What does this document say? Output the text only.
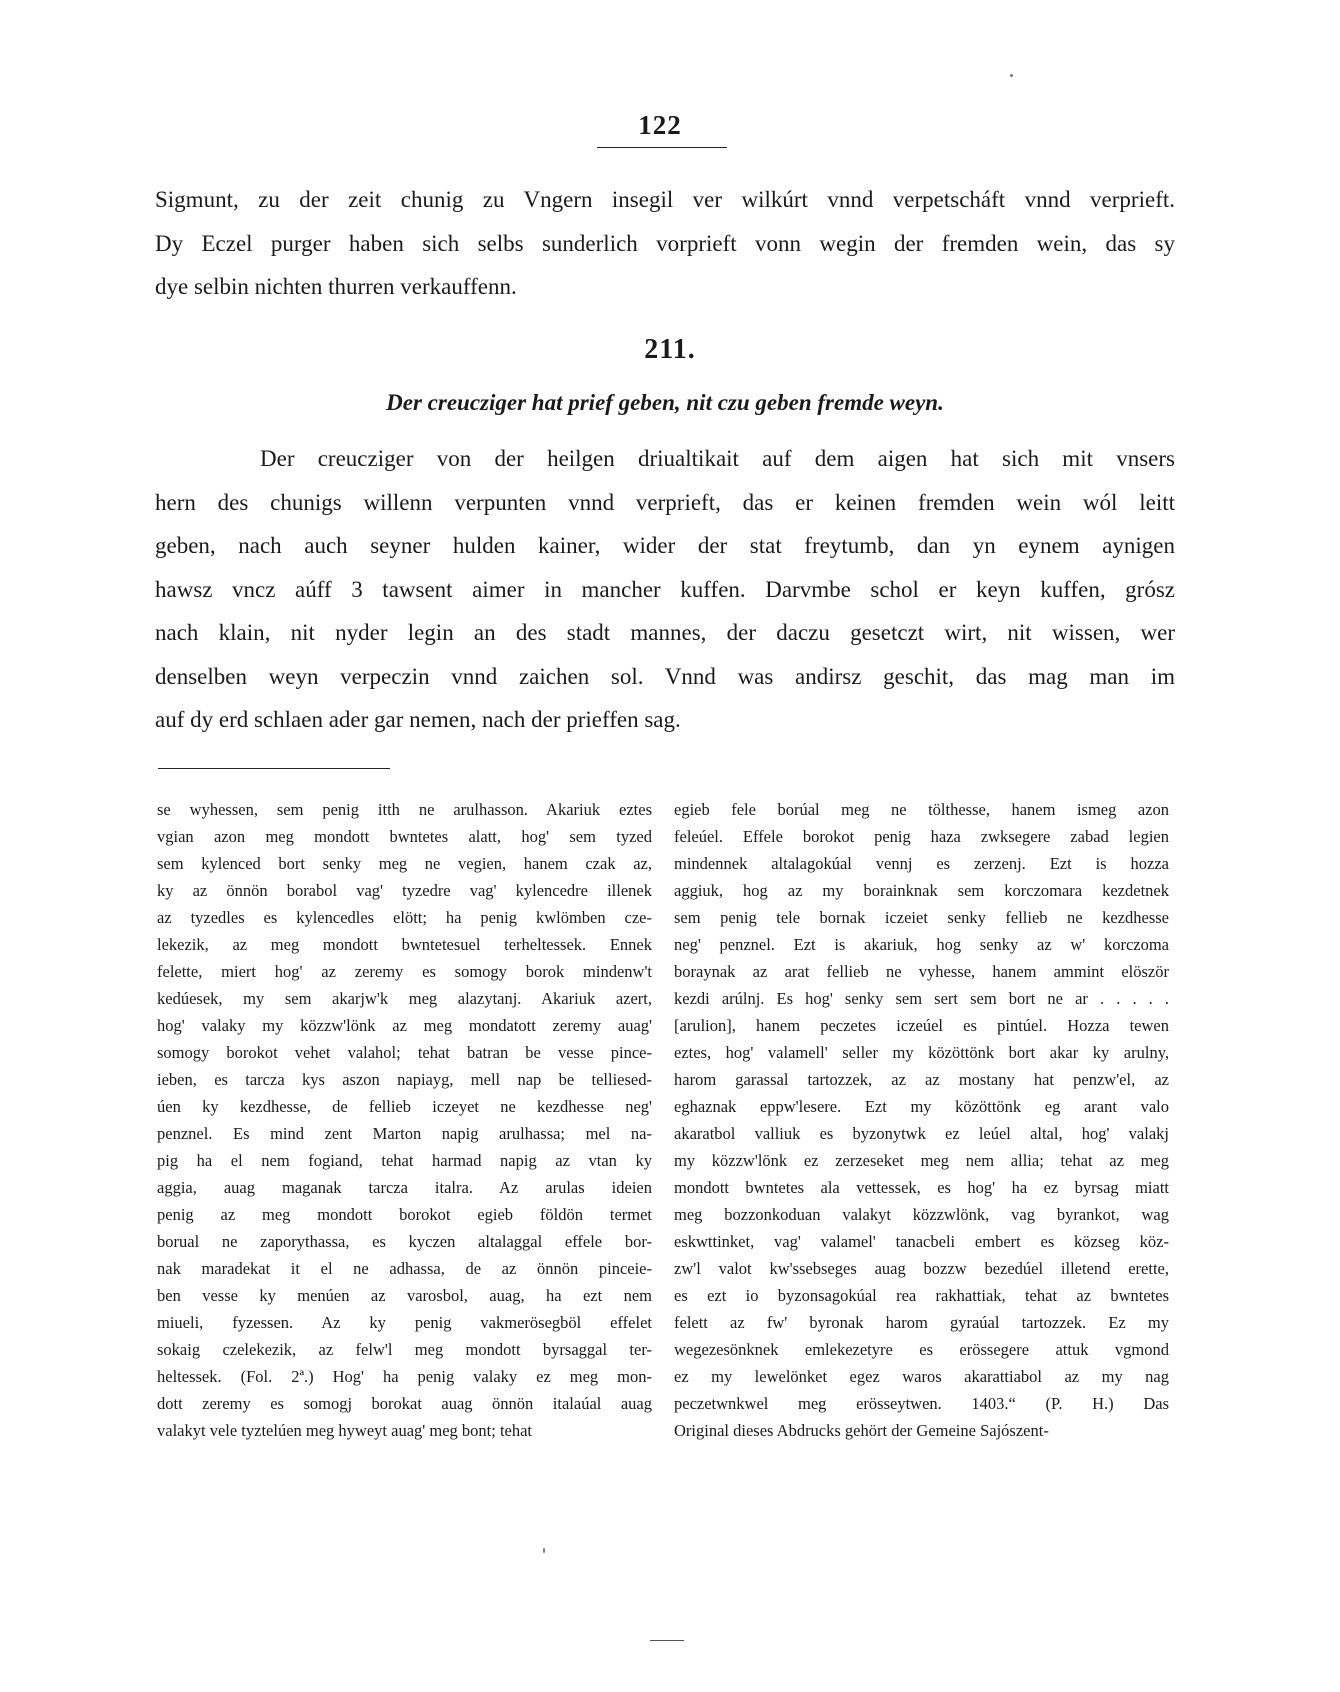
122
Sigmunt, zu der zeit chunig zu Vngern insegil ver wilkúrt vnnd verpetscháft vnnd verprieft.
Dy Eczel purger haben sich selbs sunderlich vorprieft vonn wegin der fremden wein, das sy
dye selbin nichten thurren verkauffenn.
211.
Der creucziger hat prief geben, nit czu geben fremde weyn.
Der creucziger von der heilgen driualtikait auf dem aigen hat sich mit vnsers
hern des chunigs willenn verpunten vnnd verprieft, das er keinen fremden wein wól leitt
geben, nach auch seyner hulden kainer, wider der stat freytumb, dan yn eynem aynigen
hawsz vncz aúff 3 tawsent aimer in mancher kuffen. Darvmbe schol er keyn kuffen, grósz
nach klain, nit nyder legin an des stadt mannes, der daczu gesetczt wirt, nit wissen, wer
denselben weyn verpeczin vnnd zaichen sol. Vnnd was andirsz geschit, das mag man im
auf dy erd schlaen ader gar nemen, nach der prieffen sag.
se wyhessen, sem penig itth ne arulhasson. Akariuk eztes
vgian azon meg mondott bwntetes alatt, hog' sem tyzed
sem kylenced bort senky meg ne vegien, hanem czak az,
ky az önnön borabol vag' tyzedre vag' kylencedre illenek
az tyzedles es kylencedles elött; ha penig kwlömben cze-
lekezik, az meg mondott bwntetesuel terheltessek. Ennek
felette, miert hog' az zeremy es somogy borok mindenw't
kedúesek, my sem akarjw'k meg alazytanj. Akariuk azert,
hog' valaky my közzw'lönk az meg mondatott zeremy auag'
somogy borokot vehet valahol; tehat batran be vesse pince-
ieben, es tarcza kys aszon napiayg, mell nap be telliesed-
úen ky kezdhesse, de fellieb iczeyet ne kezdhesse neg'
penznel. Es mind zent Marton napig arulhassa; mel na-
pig ha el nem fogiand, tehat harmad napig az vtan ky
aggia, auag maganak tarcza italra. Az arulas ideien
penig az meg mondott borokot egieb földön termet
borual ne zaporythassa, es kyczen altalaggal effele bor-
nak maradekat it el ne adhassa, de az önnön pinceie-
ben vesse ky menúen az varosbol, auag, ha ezt nem
miueli, fyzessen. Az ky penig vakmerösegböl effelet
sokaig czelekezik, az felw'l meg mondott byrsaggal ter-
heltessek. (Fol. 2ª.) Hog' ha penig valaky ez meg mon-
dott zeremy es somogj borokat auag önnön italaúal auag
valakyt vele tyztelúen meg hyweyt auag' meg bont; tehat
egieb fele borúal meg ne tölthesse, hanem ismeg azon
feleúel. Effele borokot penig haza zwksegere zabad legien
mindennek altalagokúal vennj es zerzenj. Ezt is hozza
aggiuk, hog az my borainknak sem korczomara kezdetnek
sem penig tele bornak iczeiet senky fellieb ne kezdhesse
neg' penznel. Ezt is akariuk, hog senky az w' korczoma
boraynak az arat fellieb ne vyhesse, hanem ammint elöször
kezdi arúlnj. Es hog' senky sem sert sem bort ne ar . . . . .
[arulion], hanem peczetes iczeúel es pintúel. Hozza tewen
eztes, hog' valamell' seller my közöttönk bort akar ky arulny,
harom garassal tartozzek, az az mostany hat penzw'el, az
eghaznak eppw'lesere. Ezt my közöttönk eg arant valo
akaratbol valliuk es byzonytwk ez leúel altal, hog' valakj
my közzw'lönk ez zerzeseket meg nem allia; tehat az meg
mondott bwntetes ala vettessek, es hog' ha ez byrsag miatt
meg bozzonkoduan valakyt közzwlönk, vag byrankot, wag
eskwttinket, vag' valamel' tanacbeli embert es közseg köz-
zw'l valot kw'ssebseges auag bozzw bezedúel illetend erette,
es ezt io byzonsagokúal rea rakhattiak, tehat az bwntetes
felett az fw' byronak harom gyraúal tartozzek. Ez my
wegezesönknek emlekezetyre es erössegere attuk vgmond
ez my lewelönket egez waros akarattiabol az my nag
peczetwnkwel meg erösseytwen. 1403.“ (P. H.) Das
Original dieses Abdrucks gehört der Gemeine Sajószent-
